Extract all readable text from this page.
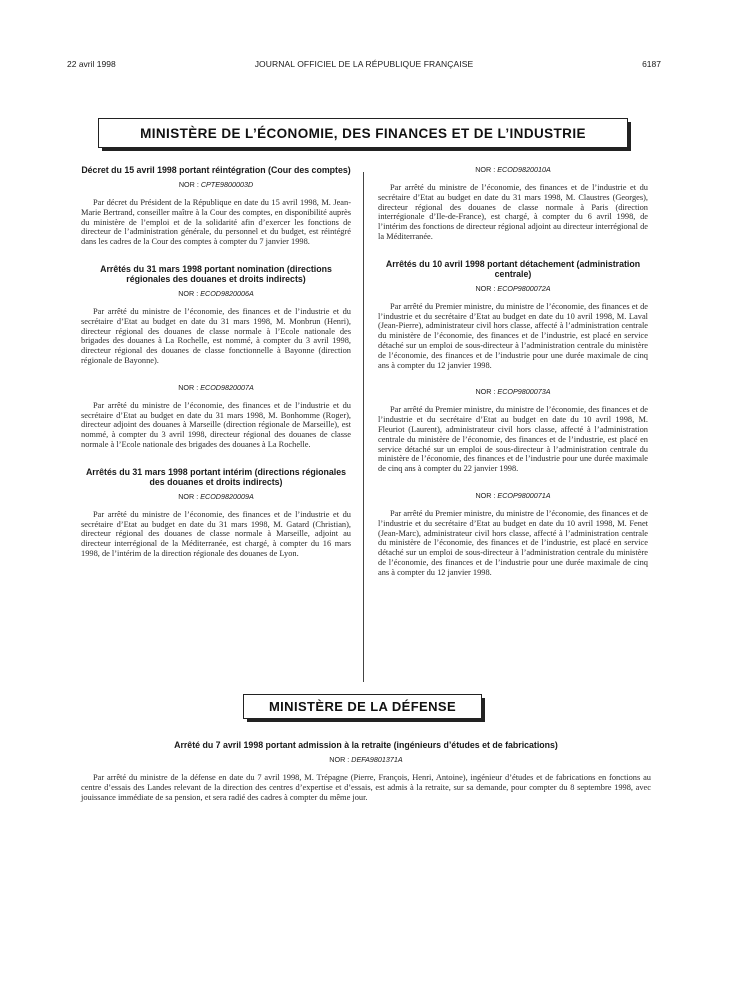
22 avril 1998	JOURNAL OFFICIEL DE LA RÉPUBLIQUE FRANÇAISE	6187
MINISTÈRE DE L’ÉCONOMIE, DES FINANCES ET DE L’INDUSTRIE

Décret du 15 avril 1998 portant réintégration (Cour des comptes)

NOR : CPTE9800003D

Par décret du Président de la République en date du 15 avril 1998, M. Jean-Marie Bertrand, conseiller maître à la Cour des comptes, en disponibilité auprès du ministère de l’emploi et de la solidarité afin d’exercer les fonctions de directeur de l’administration générale, du personnel et du budget, est réintégré dans les cadres de la Cour des comptes à compter du 7 janvier 1998.

Arrêtés du 31 mars 1998 portant nomination (directions régionales des douanes et droits indirects)

NOR : ECOD9820006A

Par arrêté du ministre de l’économie, des finances et de l’industrie et du secrétaire d’Etat au budget en date du 31 mars 1998, M. Monbrun (Henri), directeur régional des douanes de classe normale à l’Ecole nationale des brigades des douanes à La Rochelle, est nommé, à compter du 3 avril 1998, directeur régional des douanes de classe fonctionnelle à Bayonne (direction régionale de Bayonne).

NOR : ECOD9820007A

Par arrêté du ministre de l’économie, des finances et de l’industrie et du secrétaire d’Etat au budget en date du 31 mars 1998, M. Bonhomme (Roger), directeur adjoint des douanes à Marseille (direction régionale de Marseille), est nommé, à compter du 3 avril 1998, directeur régional des douanes de classe normale à l’Ecole nationale des brigades des douanes à La Rochelle.

Arrêtés du 31 mars 1998 portant intérim (directions régionales des douanes et droits indirects)

NOR : ECOD9820009A

Par arrêté du ministre de l’économie, des finances et de l’industrie et du secrétaire d’Etat au budget en date du 31 mars 1998, M. Gatard (Christian), directeur régional des douanes de classe normale à Marseille, adjoint au directeur interrégional de la Méditerranée, est chargé, à compter du 16 mars 1998, de l’intérim de la direction régionale des douanes de Lyon.

NOR : ECOD9820010A

Par arrêté du ministre de l’économie, des finances et de l’industrie et du secrétaire d’Etat au budget en date du 31 mars 1998, M. Claustres (Georges), directeur régional des douanes de classe normale à Paris (direction interrégionale d’Ile-de-France), est chargé, à compter du 6 avril 1998, de l’intérim des fonctions de directeur régional adjoint au directeur interrégional de la Méditerranée.

Arrêtés du 10 avril 1998 portant détachement (administration centrale)

NOR : ECOP9800072A

Par arrêté du Premier ministre, du ministre de l’économie, des finances et de l’industrie et du secrétaire d’Etat au budget en date du 10 avril 1998, M. Laval (Jean-Pierre), administrateur civil hors classe, affecté à l’administration centrale du ministère de l’économie, des finances et de l’industrie, est placé en service détaché sur un emploi de sous-directeur à l’administration centrale du ministère de l’économie, des finances et de l’industrie pour une durée maximale de cinq ans à compter du 12 janvier 1998.

NOR : ECOP9800073A

Par arrêté du Premier ministre, du ministre de l’économie, des finances et de l’industrie et du secrétaire d’Etat au budget en date du 10 avril 1998, M. Fleuriot (Laurent), administrateur civil hors classe, affecté à l’administration centrale du ministère de l’économie, des finances et de l’industrie, est placé en service détaché sur un emploi de sous-directeur à l’administration centrale du ministère de l’économie, des finances et de l’industrie pour une durée maximale de cinq ans à compter du 22 janvier 1998.

NOR : ECOP9800071A

Par arrêté du Premier ministre, du ministre de l’économie, des finances et de l’industrie et du secrétaire d’Etat au budget en date du 10 avril 1998, M. Fenet (Jean-Marc), administrateur civil hors classe, affecté à l’administration centrale du ministère de l’économie, des finances et de l’industrie, est placé en service détaché sur un emploi de sous-directeur à l’administration centrale du ministère de l’économie, des finances et de l’industrie pour une durée maximale de cinq ans à compter du 12 janvier 1998.

MINISTÈRE DE LA DÉFENSE

Arrêté du 7 avril 1998 portant admission à la retraite (ingénieurs d’études et de fabrications)

NOR : DEFA9801371A

Par arrêté du ministre de la défense en date du 7 avril 1998, M. Trépagne (Pierre, François, Henri, Antoine), ingénieur d’études et de fabrications en fonctions au centre d’essais des Landes relevant de la direction des centres d’expertise et d’essais, est admis à la retraite, sur sa demande, pour compter du 8 septembre 1998, avec jouissance immédiate de sa pension, et sera radié des cadres à compter du même jour.
